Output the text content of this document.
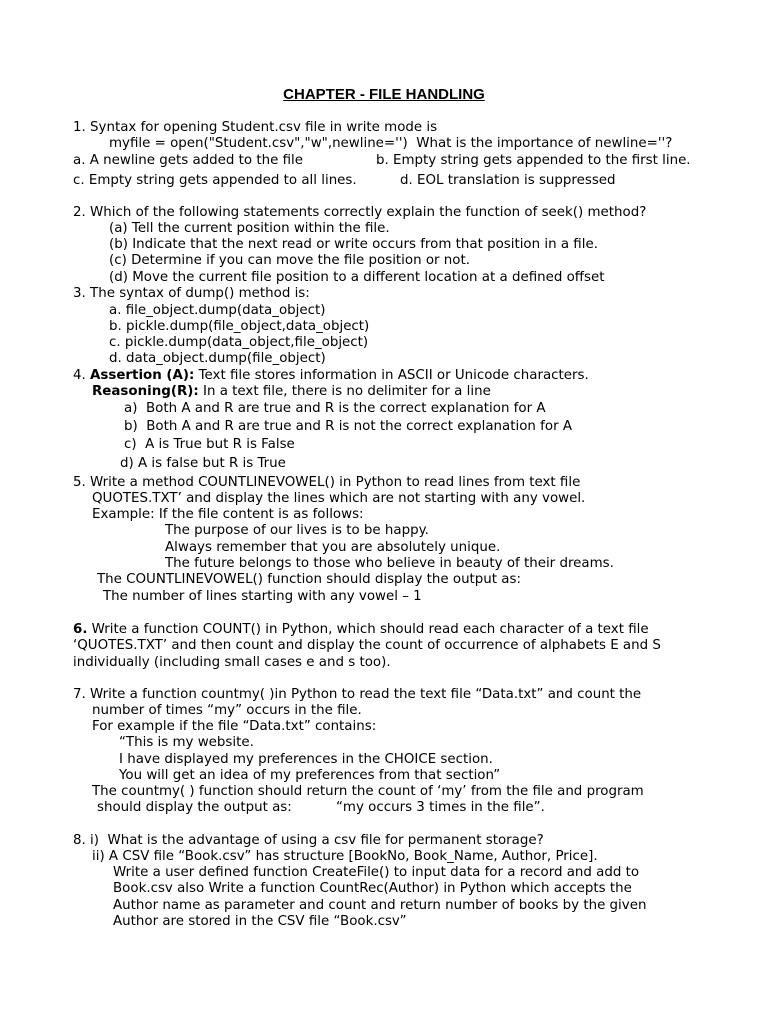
CHAPTER - FILE HANDLING
1. Syntax for opening Student.csv file in write mode is
myfile = open("Student.csv","w",newline='')  What is the importance of newline=''?
a. A newline gets added to the file	b. Empty string gets appended to the first line.
c. Empty string gets appended to all lines.	d. EOL translation is suppressed
2. Which of the following statements correctly explain the function of seek() method?
(a) Tell the current position within the file.
(b) Indicate that the next read or write occurs from that position in a file.
(c) Determine if you can move the file position or not.
(d) Move the current file position to a different location at a defined offset
3. The syntax of dump() method is:
a. file_object.dump(data_object)
b. pickle.dump(file_object,data_object)
c. pickle.dump(data_object,file_object)
d. data_object.dump(file_object)
4. Assertion (A): Text file stores information in ASCII or Unicode characters.
Reasoning(R): In a text file, there is no delimiter for a line
a)  Both A and R are true and R is the correct explanation for A
b)  Both A and R are true and R is not the correct explanation for A
c)  A is True but R is False
d) A is false but R is True
5. Write a method COUNTLINEVOWEL() in Python to read lines from text file
QUOTES.TXT’ and display the lines which are not starting with any vowel.
Example: If the file content is as follows:
The purpose of our lives is to be happy.
Always remember that you are absolutely unique.
The future belongs to those who believe in beauty of their dreams.
The COUNTLINEVOWEL() function should display the output as:
The number of lines starting with any vowel – 1
6. Write a function COUNT() in Python, which should read each character of a text file
‘QUOTES.TXT’ and then count and display the count of occurrence of alphabets E and S
individually (including small cases e and s too).
7. Write a function countmy( )in Python to read the text file “Data.txt” and count the
number of times “my” occurs in the file.
For example if the file “Data.txt” contains:
“This is my website.
I have displayed my preferences in the CHOICE section.
You will get an idea of my preferences from that section”
The countmy( ) function should return the count of ‘my’ from the file and program
should display the output as:	“my occurs 3 times in the file”.
8. i)  What is the advantage of using a csv file for permanent storage?
ii) A CSV file “Book.csv” has structure [BookNo, Book_Name, Author, Price].
Write a user defined function CreateFile() to input data for a record and add to
Book.csv also Write a function CountRec(Author) in Python which accepts the
Author name as parameter and count and return number of books by the given
Author are stored in the CSV file “Book.csv”
